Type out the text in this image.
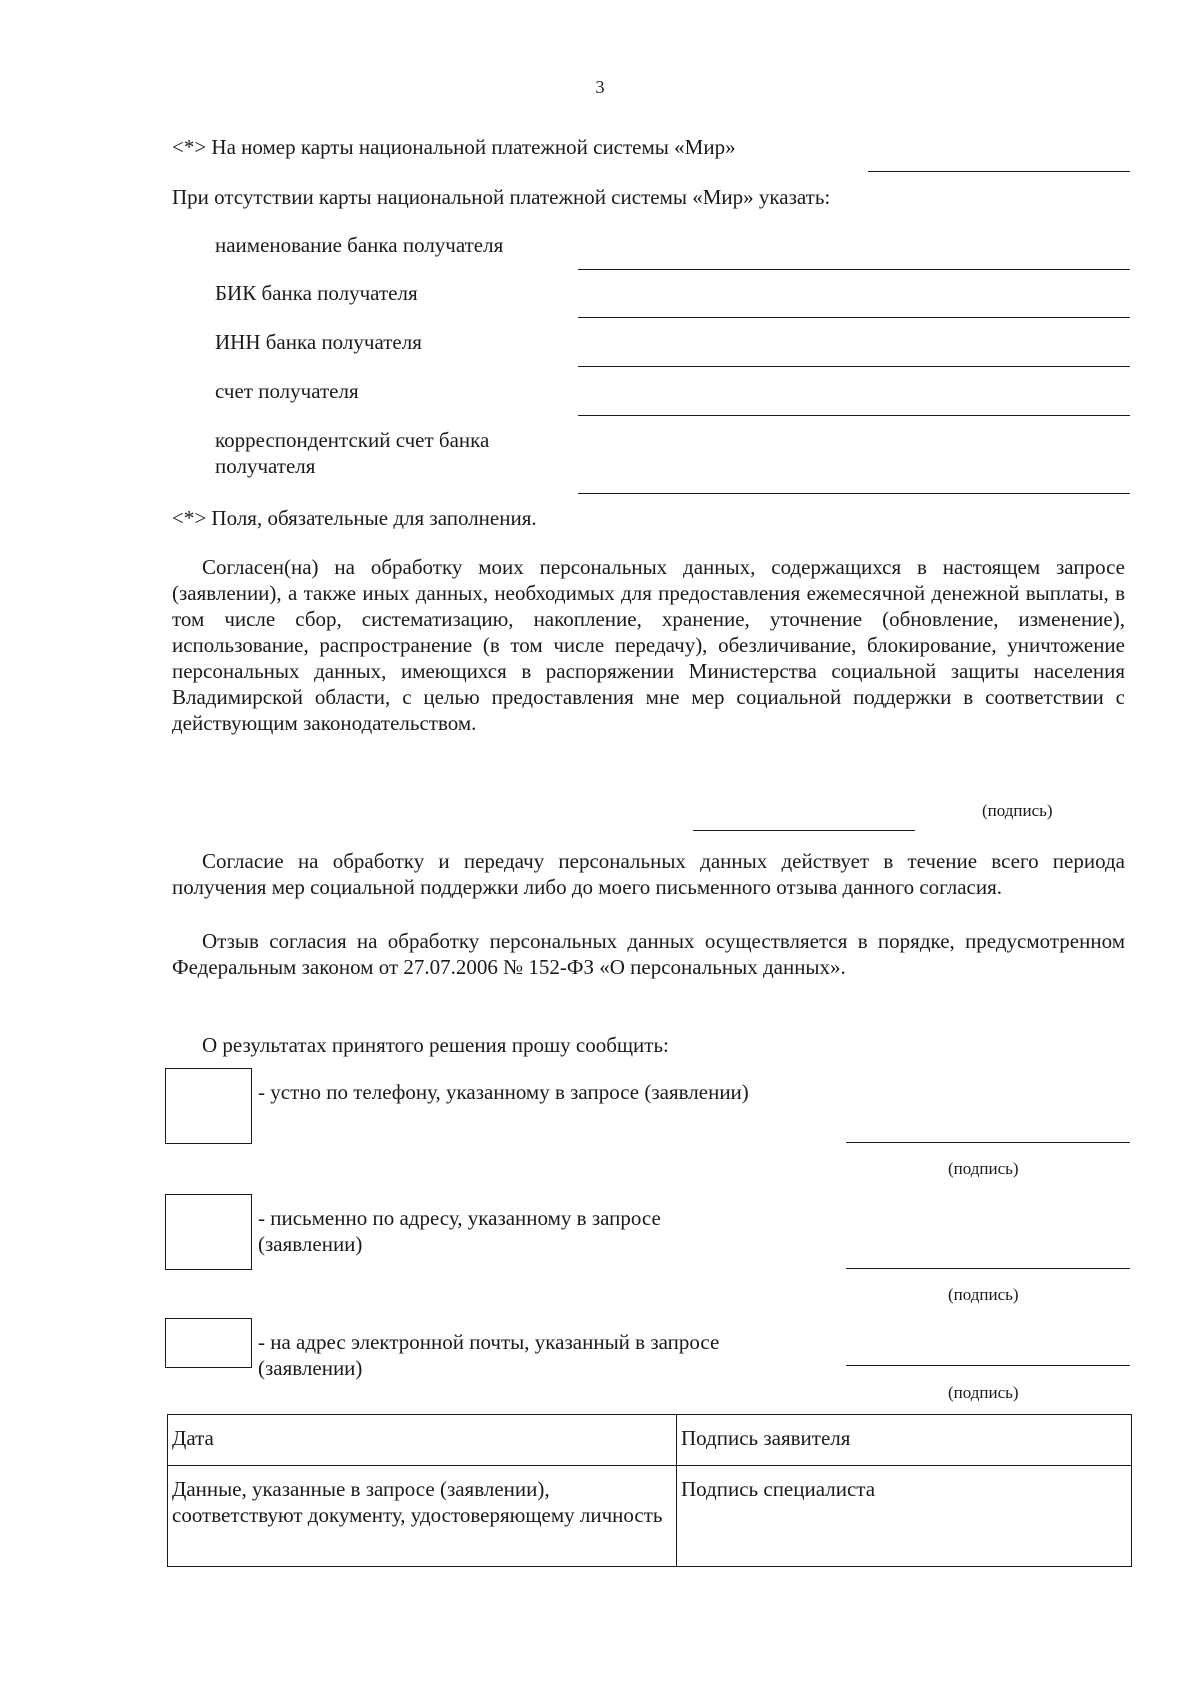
3
<*> На номер карты национальной платежной системы «Мир»
При отсутствии карты национальной платежной системы «Мир» указать:
наименование банка получателя
БИК банка получателя
ИНН банка получателя
счет получателя
корреспондентский счет банка получателя
<*> Поля, обязательные для заполнения.
Согласен(на) на обработку моих персональных данных, содержащихся в настоящем запросе (заявлении), а также иных данных, необходимых для предоставления ежемесячной денежной выплаты, в том числе сбор, систематизацию, накопление, хранение, уточнение (обновление, изменение), использование, распространение (в том числе передачу), обезличивание, блокирование, уничтожение персональных данных, имеющихся в распоряжении Министерства социальной защиты населения Владимирской области, с целью предоставления мне мер социальной поддержки в соответствии с действующим законодательством.
(подпись)
Согласие на обработку и передачу персональных данных действует в течение всего периода получения мер социальной поддержки либо до моего письменного отзыва данного согласия.
Отзыв согласия на обработку персональных данных осуществляется в порядке, предусмотренном Федеральным законом от 27.07.2006 № 152-ФЗ «О персональных данных».
О результатах принятого решения прошу сообщить:
- устно по телефону, указанному в запросе (заявлении)
(подпись)
- письменно по адресу, указанному в запросе (заявлении)
(подпись)
- на адрес электронной почты, указанный в запросе (заявлении)
(подпись)
Дата	Подпись заявителя
Данные, указанные в запросе (заявлении), соответствуют документу, удостоверяющему личность	Подпись специалиста
